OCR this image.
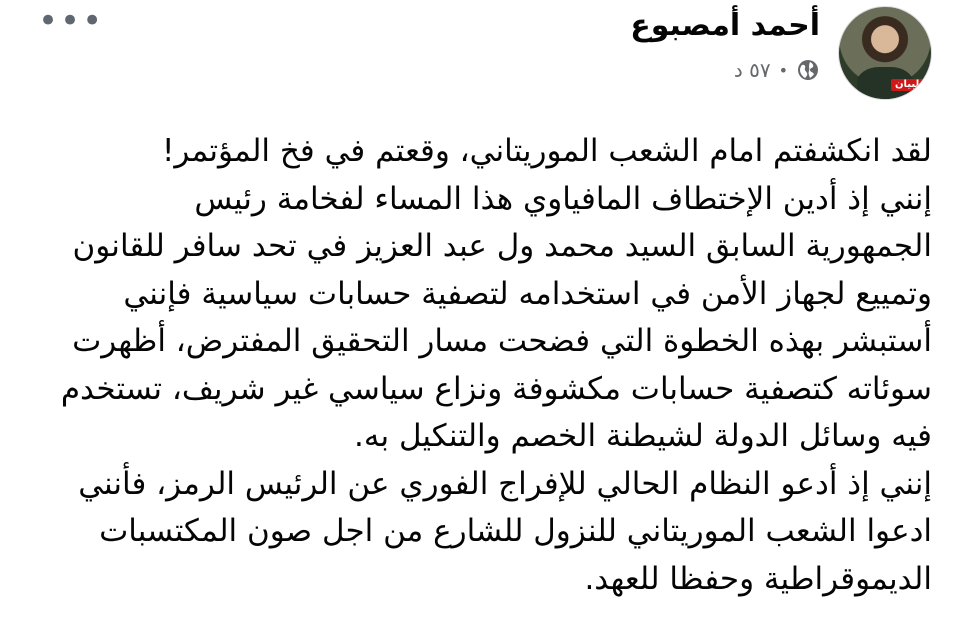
لبيان
أحمد أمصبوع
٥٧ د •
•••
لقد انكشفتم امام الشعب الموريتاني، وقعتم في فخ المؤتمر!
إنني إذ أدين الإختطاف المافياوي هذا المساء لفخامة رئيس
الجمهورية السابق السيد محمد ول عبد العزيز في تحد سافر للقانون
وتمييع لجهاز الأمن في استخدامه لتصفية حسابات سياسية فإنني
أستبشر بهذه الخطوة التي فضحت مسار التحقيق المفترض، أظهرت
سوئاته كتصفية حسابات مكشوفة ونزاع سياسي غير شريف، تستخدم
فيه وسائل الدولة لشيطنة الخصم والتنكيل به.
إنني إذ أدعو النظام الحالي للإفراج الفوري عن الرئيس الرمز، فأنني
ادعوا الشعب الموريتاني للنزول للشارع من اجل صون المكتسبات
الديموقراطية وحفظا للعهد.
